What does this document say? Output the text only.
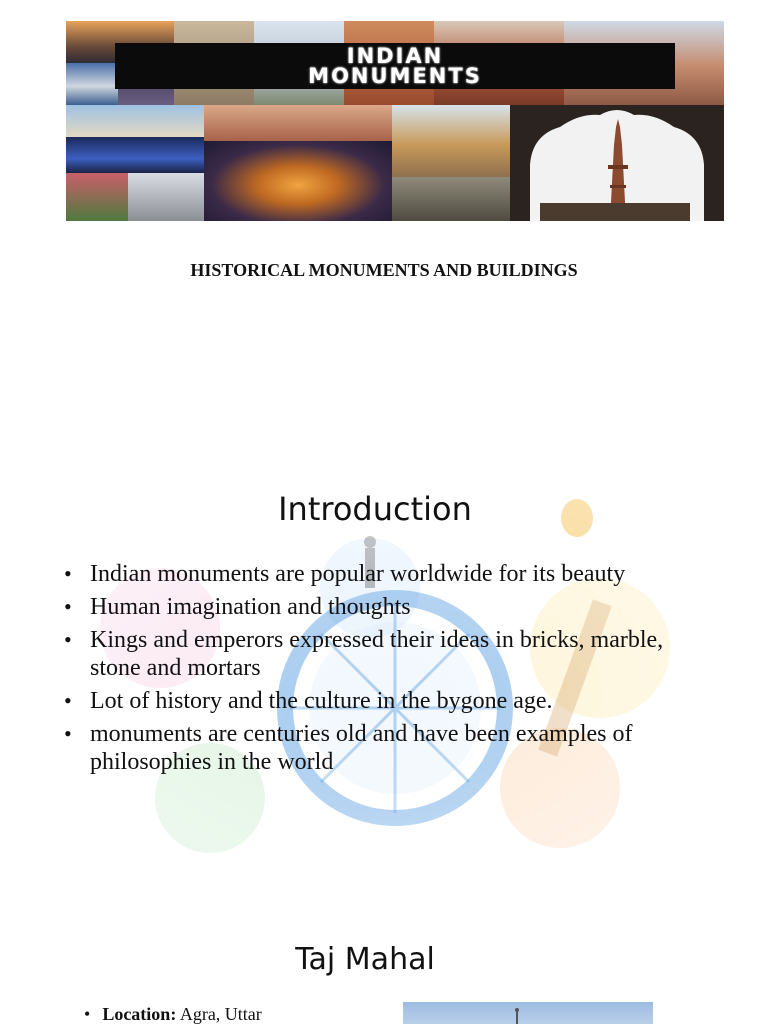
INDIAN
MONUMENTS
HISTORICAL MONUMENTS AND BUILDINGS
Introduction
• Indian monuments are popular worldwide for its beauty
• Human imagination and thoughts
• Kings and emperors expressed their ideas in bricks, marble, stone and mortars
• Lot of history and the culture in the bygone age.
• monuments are centuries old and have been examples of philosophies in the world
Taj Mahal
• Location: Agra, Uttar
